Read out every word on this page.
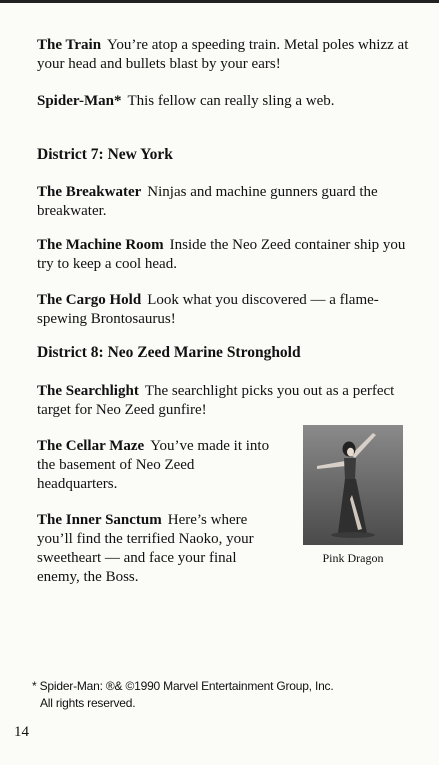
The Train You’re atop a speeding train. Metal poles whizz at your head and bullets blast by your ears!

Spider-Man* This fellow can really sling a web.

District 7: New York

The Breakwater Ninjas and machine gunners guard the breakwater.

The Machine Room Inside the Neo Zeed container ship you try to keep a cool head.

The Cargo Hold Look what you discovered — a flame-spewing Brontosaurus!

District 8: Neo Zeed Marine Stronghold

The Searchlight The searchlight picks you out as a perfect target for Neo Zeed gunfire!

The Cellar Maze You’ve made it into the basement of Neo Zeed headquarters.

The Inner Sanctum Here’s where you’ll find the terrified Naoko, your sweetheart — and face your final enemy, the Boss.

Pink Dragon
* Spider-Man: ®& ©1990 Marvel Entertainment Group, Inc.
All rights reserved.
14
